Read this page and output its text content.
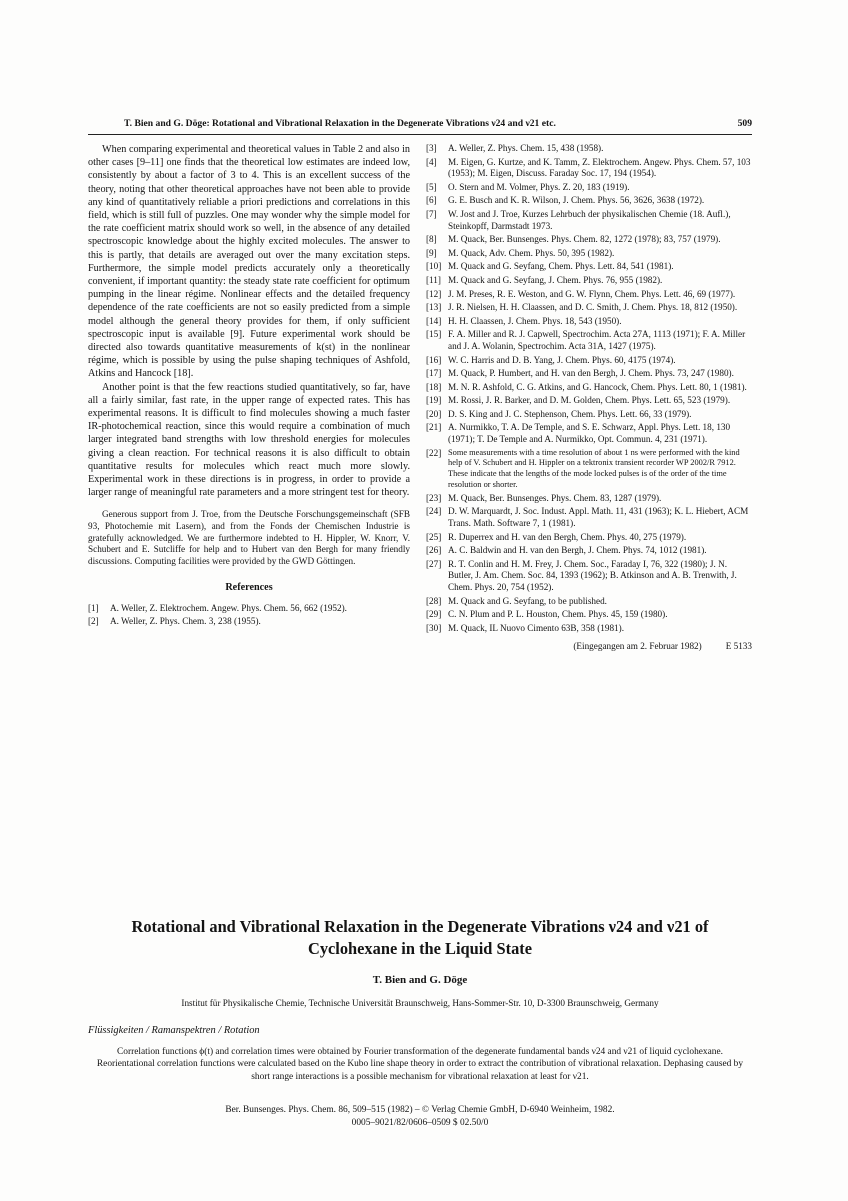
T. Bien and G. Döge: Rotational and Vibrational Relaxation in the Degenerate Vibrations ν24 and ν21 etc.	509

When comparing experimental and theoretical values in Table 2 and also in other cases [9–11] one finds that the theoretical low estimates are indeed low, consistently by about a factor of 3 to 4. This is an excellent success of the theory, noting that other theoretical approaches have not been able to provide any kind of quantitatively reliable a priori predictions and correlations in this field, which is still full of puzzles. One may wonder why the simple model for the rate coefficient matrix should work so well, in the absence of any detailed spectroscopic knowledge about the highly excited molecules. The answer to this is partly, that details are averaged out over the many excitation steps. Furthermore, the simple model predicts accurately only a theoretically convenient, if important quantity: the steady state rate coefficient for optimum pumping in the linear régime. Nonlinear effects and the detailed frequency dependence of the rate coefficients are not so easily predicted from a simple model although the general theory provides for them, if only sufficient spectroscopic input is available [9]. Future experimental work should be directed also towards quantitative measurements of k(st) in the nonlinear régime, which is possible by using the pulse shaping techniques of Ashfold, Atkins and Hancock [18].

Another point is that the few reactions studied quantitatively, so far, have all a fairly similar, fast rate, in the upper range of expected rates. This has experimental reasons. It is difficult to find molecules showing a much faster IR-photochemical reaction, since this would require a combination of much larger integrated band strengths with low threshold energies for molecules giving a clean reaction. For technical reasons it is also difficult to obtain quantitative results for molecules which react much more slowly. Experimental work in these directions is in progress, in order to provide a larger range of meaningful rate parameters and a more stringent test for theory.

Generous support from J. Troe, from the Deutsche Forschungsgemeinschaft (SFB 93, Photochemie mit Lasern), and from the Fonds der Chemischen Industrie is gratefully acknowledged. We are furthermore indebted to H. Hippler, W. Knorr, V. Schubert and E. Sutcliffe for help and to Hubert van den Bergh for many friendly discussions. Computing facilities were provided by the GWD Göttingen.

References
[1]	A. Weller, Z. Elektrochem. Angew. Phys. Chem. 56, 662 (1952).
[2]	A. Weller, Z. Phys. Chem. 3, 238 (1955).
[3]	A. Weller, Z. Phys. Chem. 15, 438 (1958).
[4]	M. Eigen, G. Kurtze, and K. Tamm, Z. Elektrochem. Angew. Phys. Chem. 57, 103 (1953); M. Eigen, Discuss. Faraday Soc. 17, 194 (1954).
[5]	O. Stern and M. Volmer, Phys. Z. 20, 183 (1919).
[6]	G. E. Busch and K. R. Wilson, J. Chem. Phys. 56, 3626, 3638 (1972).
[7]	W. Jost and J. Troe, Kurzes Lehrbuch der physikalischen Chemie (18. Aufl.), Steinkopff, Darmstadt 1973.
[8]	M. Quack, Ber. Bunsenges. Phys. Chem. 82, 1272 (1978); 83, 757 (1979).
[9]	M. Quack, Adv. Chem. Phys. 50, 395 (1982).
[10] M. Quack and G. Seyfang, Chem. Phys. Lett. 84, 541 (1981).
[11] M. Quack and G. Seyfang, J. Chem. Phys. 76, 955 (1982).
[12] J. M. Preses, R. E. Weston, and G. W. Flynn, Chem. Phys. Lett. 46, 69 (1977).
[13] J. R. Nielsen, H. H. Claassen, and D. C. Smith, J. Chem. Phys. 18, 812 (1950).
[14] H. H. Claassen, J. Chem. Phys. 18, 543 (1950).
[15] F. A. Miller and R. J. Capwell, Spectrochim. Acta 27A, 1113 (1971); F. A. Miller and J. A. Wolanin, Spectrochim. Acta 31A, 1427 (1975).
[16] W. C. Harris and D. B. Yang, J. Chem. Phys. 60, 4175 (1974).
[17] M. Quack, P. Humbert, and H. van den Bergh, J. Chem. Phys. 73, 247 (1980).
[18] M. N. R. Ashfold, C. G. Atkins, and G. Hancock, Chem. Phys. Lett. 80, 1 (1981).
[19] M. Rossi, J. R. Barker, and D. M. Golden, Chem. Phys. Lett. 65, 523 (1979).
[20] D. S. King and J. C. Stephenson, Chem. Phys. Lett. 66, 33 (1979).
[21] A. Nurmikko, T. A. De Temple, and S. E. Schwarz, Appl. Phys. Lett. 18, 130 (1971); T. De Temple and A. Nurmikko, Opt. Commun. 4, 231 (1971).
[22] Some measurements with a time resolution of about 1 ns were performed with the kind help of V. Schubert and H. Hippler on a tektronix transient recorder WP 2002/R 7912. These indicate that the lengths of the mode locked pulses is of the order of the time resolution or shorter.
[23] M. Quack, Ber. Bunsenges. Phys. Chem. 83, 1287 (1979).
[24] D. W. Marquardt, J. Soc. Indust. Appl. Math. 11, 431 (1963); K. L. Hiebert, ACM Trans. Math. Software 7, 1 (1981).
[25] R. Duperrex and H. van den Bergh, Chem. Phys. 40, 275 (1979).
[26] A. C. Baldwin and H. van den Bergh, J. Chem. Phys. 74, 1012 (1981).
[27] R. T. Conlin and H. M. Frey, J. Chem. Soc., Faraday I, 76, 322 (1980); J. N. Butler, J. Am. Chem. Soc. 84, 1393 (1962); B. Atkinson and A. B. Trenwith, J. Chem. Phys. 20, 754 (1952).
[28] M. Quack and G. Seyfang, to be published.
[29] C. N. Plum and P. L. Houston, Chem. Phys. 45, 159 (1980).
[30] M. Quack, IL Nuovo Cimento 63B, 358 (1981).
(Eingegangen am 2. Februar 1982)	E 5133
Rotational and Vibrational Relaxation in the Degenerate Vibrations ν24 and ν21 of
Cyclohexane in the Liquid State
T. Bien and G. Döge
Institut für Physikalische Chemie, Technische Universität Braunschweig, Hans-Sommer-Str. 10, D-3300 Braunschweig, Germany
Flüssigkeiten / Ramanspektren / Rotation
Correlation functions ϕ(t) and correlation times were obtained by Fourier transformation of the degenerate fundamental bands ν24 and ν21 of liquid cyclohexane. Reorientational correlation functions were calculated based on the Kubo line shape theory in order to extract the contribution of vibrational relaxation. Dephasing caused by short range interactions is a possible mechanism for vibrational relaxation at least for ν21.
Ber. Bunsenges. Phys. Chem. 86, 509–515 (1982) – © Verlag Chemie GmbH, D-6940 Weinheim, 1982.
0005–9021/82/0606–0509 $ 02.50/0
